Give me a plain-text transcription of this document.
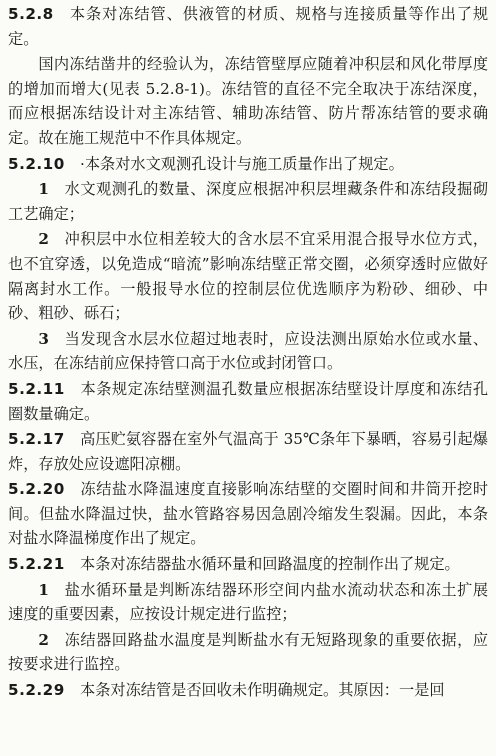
5.2.8 本条对冻结管、供液管的材质、规格与连接质量等作出了规定。

国内冻结凿井的经验认为，冻结管壁厚应随着冲积层和风化带厚度的增加而增大(见表 5.2.8-1)。冻结管的直径不完全取决于冻结深度，而应根据冻结设计对主冻结管、辅助冻结管、防片帮冻结管的要求确定。故在施工规范中不作具体规定。

5.2.10 ·本条对水文观测孔设计与施工质量作出了规定。

1 水文观测孔的数量、深度应根据冲积层埋藏条件和冻结段掘砌工艺确定；

2 冲积层中水位相差较大的含水层不宜采用混合报导水位方式，也不宜穿透，以免造成“暗流”影响冻结壁正常交圈，必须穿透时应做好隔离封水工作。一般报导水位的控制层位优选顺序为粉砂、细砂、中砂、粗砂、砾石；

3 当发现含水层水位超过地表时，应设法测出原始水位或水量、水压，在冻结前应保持管口高于水位或封闭管口。

5.2.11 本条规定冻结壁测温孔数量应根据冻结壁设计厚度和冻结孔圈数量确定。

5.2.17 高压贮氨容器在室外气温高于 35℃条年下暴晒，容易引起爆炸，存放处应设遮阳凉棚。

5.2.20 冻结盐水降温速度直接影响冻结壁的交圈时间和井筒开挖时间。但盐水降温过快，盐水管路容易因急剧冷缩发生裂漏。因此，本条对盐水降温梯度作出了规定。

5.2.21 本条对冻结器盐水循环量和回路温度的控制作出了规定。

1 盐水循环量是判断冻结器环形空间内盐水流动状态和冻土扩展速度的重要因素，应按设计规定进行监控；

2 冻结器回路盐水温度是判断盐水有无短路现象的重要依据，应按要求进行监控。

5.2.29 本条对冻结管是否回收未作明确规定。其原因：一是回
